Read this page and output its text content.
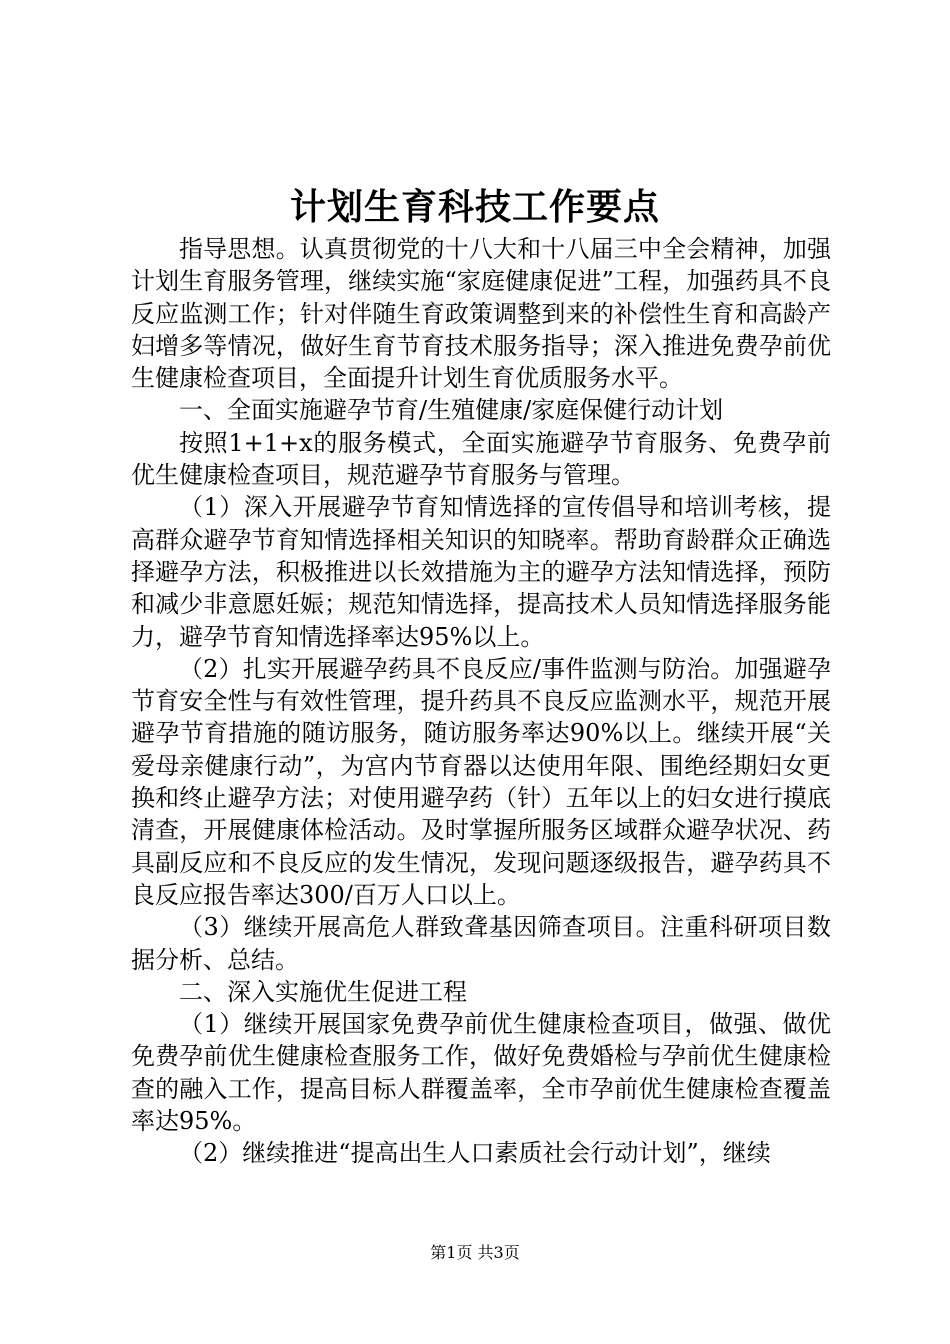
计划生育科技工作要点

指导思想。认真贯彻党的十八大和十八届三中全会精神，加强计划生育服务管理，继续实施“家庭健康促进”工程，加强药具不良反应监测工作；针对伴随生育政策调整到来的补偿性生育和高龄产妇增多等情况，做好生育节育技术服务指导；深入推进免费孕前优生健康检查项目，全面提升计划生育优质服务水平。

一、全面实施避孕节育/生殖健康/家庭保健行动计划

按照1+1+x的服务模式，全面实施避孕节育服务、免费孕前优生健康检查项目，规范避孕节育服务与管理。

（1）深入开展避孕节育知情选择的宣传倡导和培训考核，提高群众避孕节育知情选择相关知识的知晓率。帮助育龄群众正确选择避孕方法，积极推进以长效措施为主的避孕方法知情选择，预防和减少非意愿妊娠；规范知情选择，提高技术人员知情选择服务能力，避孕节育知情选择率达95%以上。

（2）扎实开展避孕药具不良反应/事件监测与防治。加强避孕节育安全性与有效性管理，提升药具不良反应监测水平，规范开展避孕节育措施的随访服务，随访服务率达90%以上。继续开展“关爱母亲健康行动”，为宫内节育器以达使用年限、围绝经期妇女更换和终止避孕方法；对使用避孕药（针）五年以上的妇女进行摸底清查，开展健康体检活动。及时掌握所服务区域群众避孕状况、药具副反应和不良反应的发生情况，发现问题逐级报告，避孕药具不良反应报告率达300/百万人口以上。

（3）继续开展高危人群致聋基因筛查项目。注重科研项目数据分析、总结。

二、深入实施优生促进工程

（1）继续开展国家免费孕前优生健康检查项目，做强、做优免费孕前优生健康检查服务工作，做好免费婚检与孕前优生健康检查的融入工作，提高目标人群覆盖率，全市孕前优生健康检查覆盖率达95%。

（2）继续推进“提高出生人口素质社会行动计划”，继续

第1页 共3页
